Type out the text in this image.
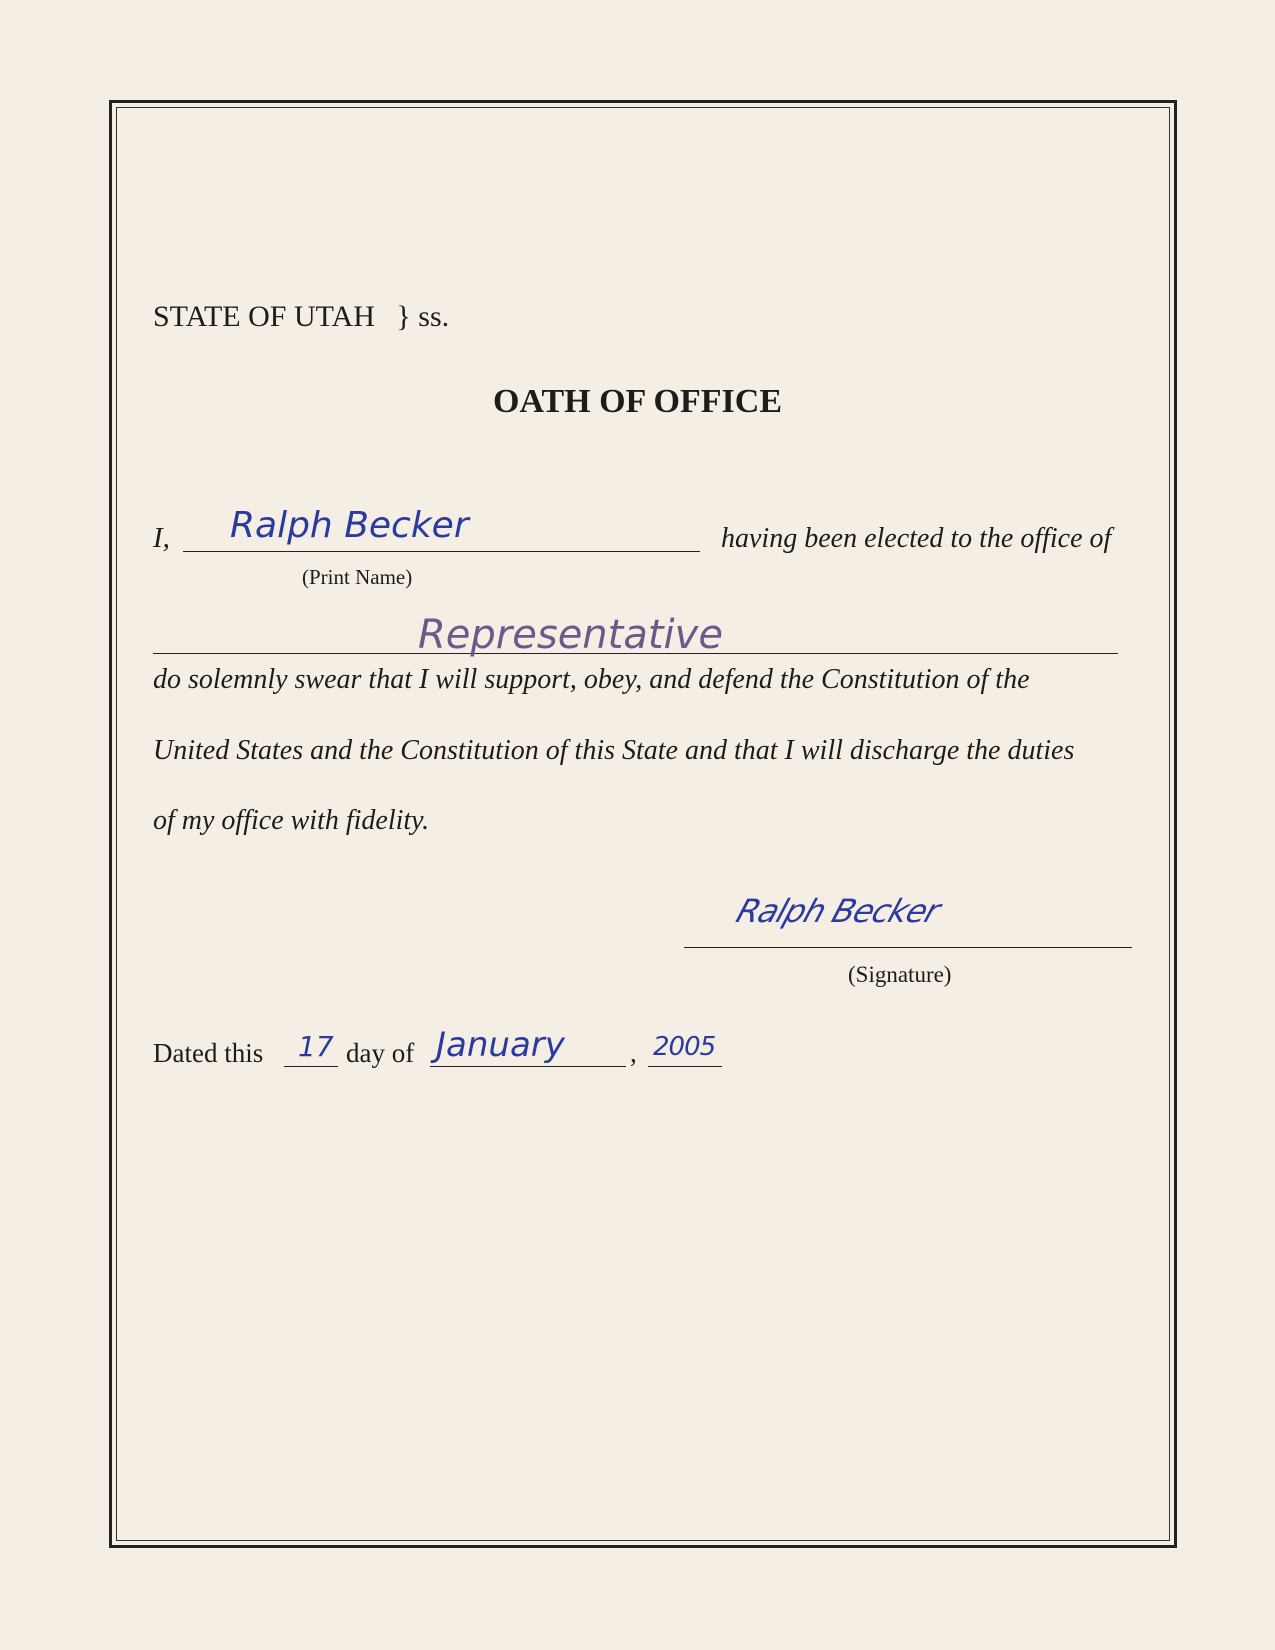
STATE OF UTAH } ss.
OATH OF OFFICE
I, Ralph Becker	having been elected to the office of
(Print Name)
Representative
do solemnly swear that I will support, obey, and defend the Constitution of the
United States and the Constitution of this State and that I will discharge the duties
of my office with fidelity.
Ralph Becker
(Signature)
Dated this 17 day of January , 2005
